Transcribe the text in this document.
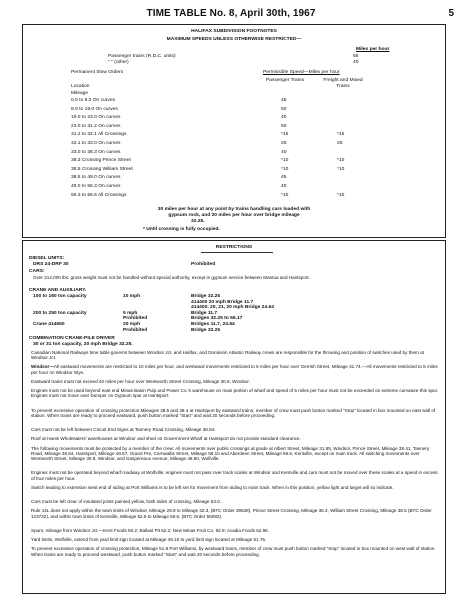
TIME TABLE No. 8, April 30th, 1967	5
HALIFAX SUBDIVISION FOOTNOTES
MAXIMUM SPEEDS UNLESS OTHERWISE RESTRICTED—
Miles per hour
Passenger trains (R.D.C. units)	65
" " (other)	40
Permanent Slow Orders	Permissible Speed—Miles per hour
Passenger Trains	Freight and Mixed Trains
Location
Mileage
0.0 to 8.0 On curves	45
8.0 to 19.0 On curves	50
19.0 to 23.0 On curves	40
23.0 to 31.2 On curves	50
31.2 to 32.1 All Crossings	*15	*15
32.1 to 33.0 On curves	25	25
33.0 to 38.3 On curves	40
38.3 Crossing Prince Street	*10	*10
38.5 Crossing William Street	*10	*10
38.5 to 49.0 On curves	45
49.0 to 56.3 On curves	40
56.3 to 56.6 All Crossings	*10	*10
30 miles per hour at any point by trains handling cars loaded with
gypsum rock, and 20 miles per hour over bridge mileage
32.25.
* Until crossing is fully occupied.
RESTRICTIONS
DIESEL UNITS:
DRS 24-DRF 30	Prohibited
CARS:
Over 212,000 lbs. gross weight must not be handled without special authority, except in gypsum service between Mantua and Hantsport.
CRANE AND AUXILIARY.
100 to 160 ton capacity	10 mph	Bridge 32.25
414400 20 mph Bridge 11.7
414400, 20, 21, 20 mph Bridge 24.64
200 to 250 ton capacity	5 mph	Bridge 11.7
Prohibited	Bridges 32.25 to 56.17
Crane 414650	20 mph	Bridges 11.7, 24.64
Prohibited	Bridge 32.25
COMBINATION CRANE-PILE DRIVER
30 or 31 ton capacity, 20 mph Bridge 32.25.
Canadian National Railways time table governs between Windsor Jct. and Halifax, and Dominion Atlantic Railway crews are responsible for the throwing and position of switches used by them at Windsor Jct.
Windsor—All eastward movements are restricted to 10 miles per hour, and westward movements restricted to 5 miles per hour over Gerrish Street, Mileage 31.74.—All movements restricted to 5 miles per hour on Windsor Wye.
Eastward trains must not exceed 40 miles per hour over Wentworth Street Crossing, Mileage 30.8, Windsor.
Engines must not be used beyond east end Minas Basin Pulp and Power Co.'s warehouse on main portion of wharf and speed of 5 miles per hour must not be exceeded on extreme curvature this spur. Engines must not move over Dumper on Gypsum spur at Hantsport.
To prevent excessive operation of crossing protection Mileages 38.5 and 38.4 at Hantsport by eastward trains, member of crew must push button marked "Stop" located in box mounted on east wall of station. When trains are ready to proceed eastward, push button marked "Start" and wait 20 seconds before proceeding.
Cars must not be left between Circuit End Signs at Tannery Road Crossing, Mileage 38.84.
Roof at Hants Wholesalers' warehouses at Windsor and shed on Government Wharf at Hantsport do not provide standard clearance.
The following movements must be protected by a member of the crew: All movements over public crossings at grade at Albert Street, Mileage 31.95, Windsor, Prince Street, Mileage 38.41, Tannery Road, Mileage 38.84, Hantsport, Mileage 46.67, Grand Pre, Cornwallis Street, Mileage 56.10 and Aberdeen Street, Mileage 56.6, Kentville, except on main track. All switching movements over Wentworth Street, Mileage 30.8, Windsor, and Gaspereaux Avenue, Mileage 49.50, Wolfville.
Engines must not be operated beyond wharf roadway at Wolfville; engines must not pass over track scales at Windsor and Kentville and cars must not be moved over these scales at a speed in excess of four miles per hour.
Switch leading to extension west end of siding at Port Williams is to be left set for movement from siding to main track. When in this position, yellow light and target will so indicate.
Cars must be left clear of insulated joints painted yellow, both sides of crossing, Mileage 53.0.
Rule 14L does not apply within the town limits of Windsor, Mileage 29.9 to Mileage 32.3, (BTC Order 39538), Prince Street Crossing, Mileage 38.4, William Street Crossing, Mileage 38.5 (BTC Order 123722), and within town limits of Kentville, Mileage 52.5 to Mileage 56.6, (BTC Order 55083).
Spurs, mileage from Windsor Jct.—Kent Foods 50.2; Ballast Pit 52.2; New Minas Fruit Co. 52.9; Acadia Foods 52.95.
Yard limits, Wolfville, extend from yard limit sign located at Mileage 49.16 to yard limit sign located at Mileage 51.76.
To prevent excessive operation of crossing protection, Mileage 51.8 Port Williams, by westward trains, member of crew must push button marked "Stop" located in box mounted on west wall of station. When trains are ready to proceed westward, push button marked "Start" and wait 20 seconds before proceeding.
